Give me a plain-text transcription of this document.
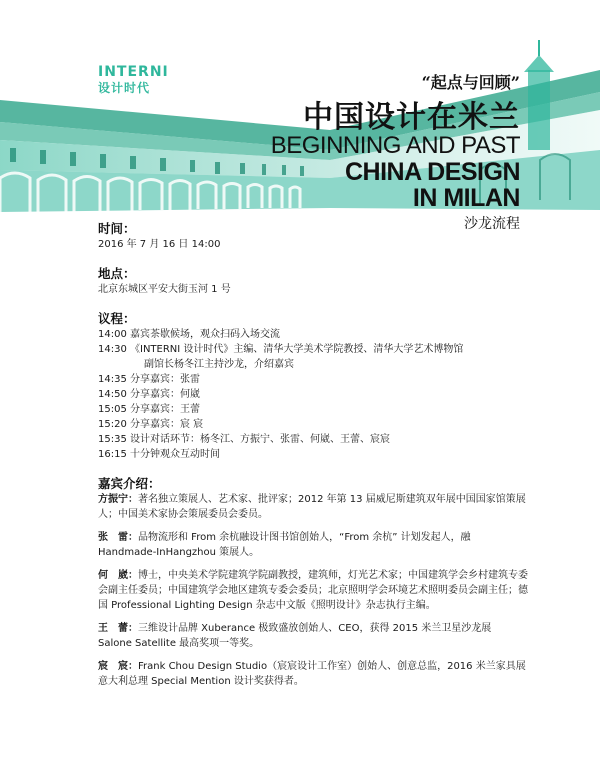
INTERNI
设计时代	“起点与回顾”
中国设计在米兰
BEGINNING AND PAST
CHINA DESIGN
IN MILAN
沙龙流程
时间：
2016 年 7 月 16 日 14:00
地点：
北京东城区平安大街玉河 1 号
议程：
14:00 嘉宾茶歇候场，观众扫码入场交流
14:30 《INTERNI 设计时代》主编、清华大学美术学院教授、清华大学艺术博物馆
副馆长杨冬江主持沙龙，介绍嘉宾
14:35 分享嘉宾：张雷
14:50 分享嘉宾：何崴
15:05 分享嘉宾：王蕾
15:20 分享嘉宾：宸 宸
15:35 设计对话环节：杨冬江、方振宁、张雷、何崴、王蕾、宸宸
16:15 十分钟观众互动时间
嘉宾介绍：
方振宁：著名独立策展人、艺术家、批评家；2012 年第 13 届威尼斯建筑双年展中国国家馆策展人；中国美术家协会策展委员会委员。
张　雷：品物流形和 From 余杭融设计图书馆创始人，“From 余杭” 计划发起人，融 Handmade-InHangzhou 策展人。
何　崴：博士，中央美术学院建筑学院副教授，建筑师，灯光艺术家；中国建筑学会乡村建筑专委会副主任委员；中国建筑学会地区建筑专委会委员；北京照明学会环境艺术照明委员会副主任；德国 Professional Lighting Design 杂志中文版《照明设计》杂志执行主编。
王　蕾：三维设计品牌 Xuberance 极致盛放创始人、CEO，获得 2015 米兰卫星沙龙展 Salone Satellite 最高奖项一等奖。
宸　宸：Frank Chou Design Studio（宸宸设计工作室）创始人、创意总监，2016 米兰家具展意大利总理 Special Mention 设计奖获得者。
